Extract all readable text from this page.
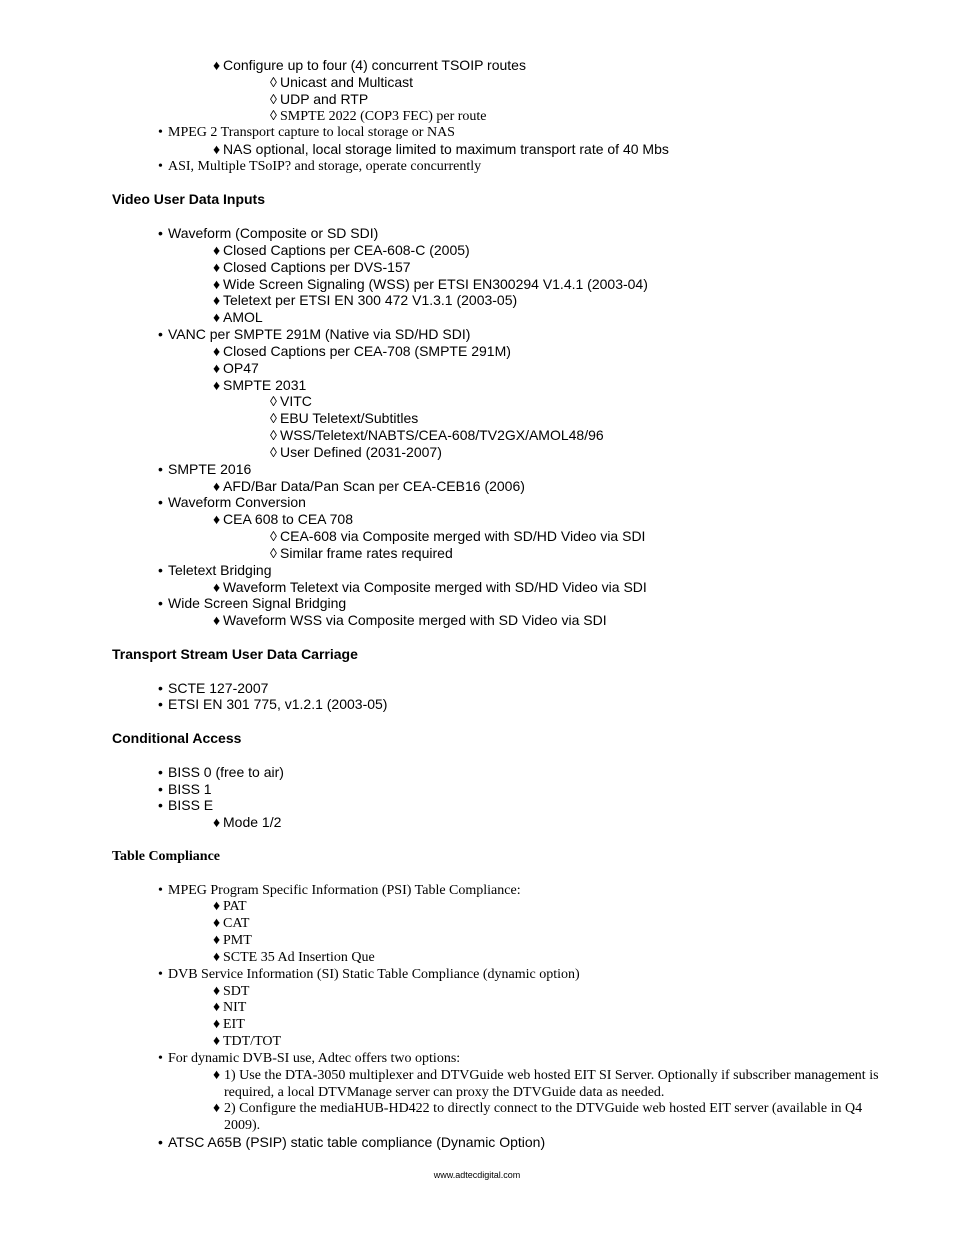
♦ Configure up to four (4) concurrent TSOIP routes
◊ Unicast and Multicast
◊ UDP and RTP
◊ SMPTE 2022 (COP3 FEC) per route
• MPEG 2 Transport capture to local storage or NAS
♦ NAS optional, local storage limited to maximum transport rate of 40 Mbs
• ASI, Multiple TSoIP? and storage, operate concurrently
Video User Data Inputs
• Waveform (Composite or SD SDI)
♦ Closed Captions per CEA-608-C (2005)
♦ Closed Captions per DVS-157
♦ Wide Screen Signaling (WSS) per ETSI EN300294 V1.4.1 (2003-04)
♦ Teletext per ETSI EN 300 472 V1.3.1 (2003-05)
♦ AMOL
• VANC per SMPTE 291M (Native via SD/HD SDI)
♦ Closed Captions per CEA-708 (SMPTE 291M)
♦ OP47
♦ SMPTE 2031
◊ VITC
◊ EBU Teletext/Subtitles
◊ WSS/Teletext/NABTS/CEA-608/TV2GX/AMOL48/96
◊ User Defined (2031-2007)
• SMPTE 2016
♦ AFD/Bar Data/Pan Scan per CEA-CEB16 (2006)
• Waveform Conversion
♦ CEA 608 to CEA 708
◊ CEA-608 via Composite merged with SD/HD Video via SDI
◊ Similar frame rates required
• Teletext Bridging
♦ Waveform Teletext via Composite merged with SD/HD Video via SDI
• Wide Screen Signal Bridging
♦ Waveform WSS via Composite merged with SD Video via SDI
Transport Stream User Data Carriage
• SCTE 127-2007
• ETSI EN 301 775, v1.2.1 (2003-05)
Conditional Access
• BISS 0 (free to air)
• BISS 1
• BISS E
♦ Mode 1/2
Table Compliance
• MPEG Program Specific Information (PSI) Table Compliance:
♦ PAT
♦ CAT
♦ PMT
♦ SCTE 35 Ad Insertion Que
• DVB Service Information (SI) Static Table Compliance (dynamic option)
♦ SDT
♦ NIT
♦ EIT
♦ TDT/TOT
• For dynamic DVB-SI use, Adtec offers two options:
♦ 1) Use the DTA-3050 multiplexer and DTVGuide web hosted EIT SI Server. Optionally if subscriber management is required, a local DTVManage server can proxy the DTVGuide data as needed.
♦ 2) Configure the mediaHUB-HD422 to directly connect to the DTVGuide web hosted EIT server (available in Q4 2009).
• ATSC A65B (PSIP) static table compliance (Dynamic Option)
www.adtecdigital.com
